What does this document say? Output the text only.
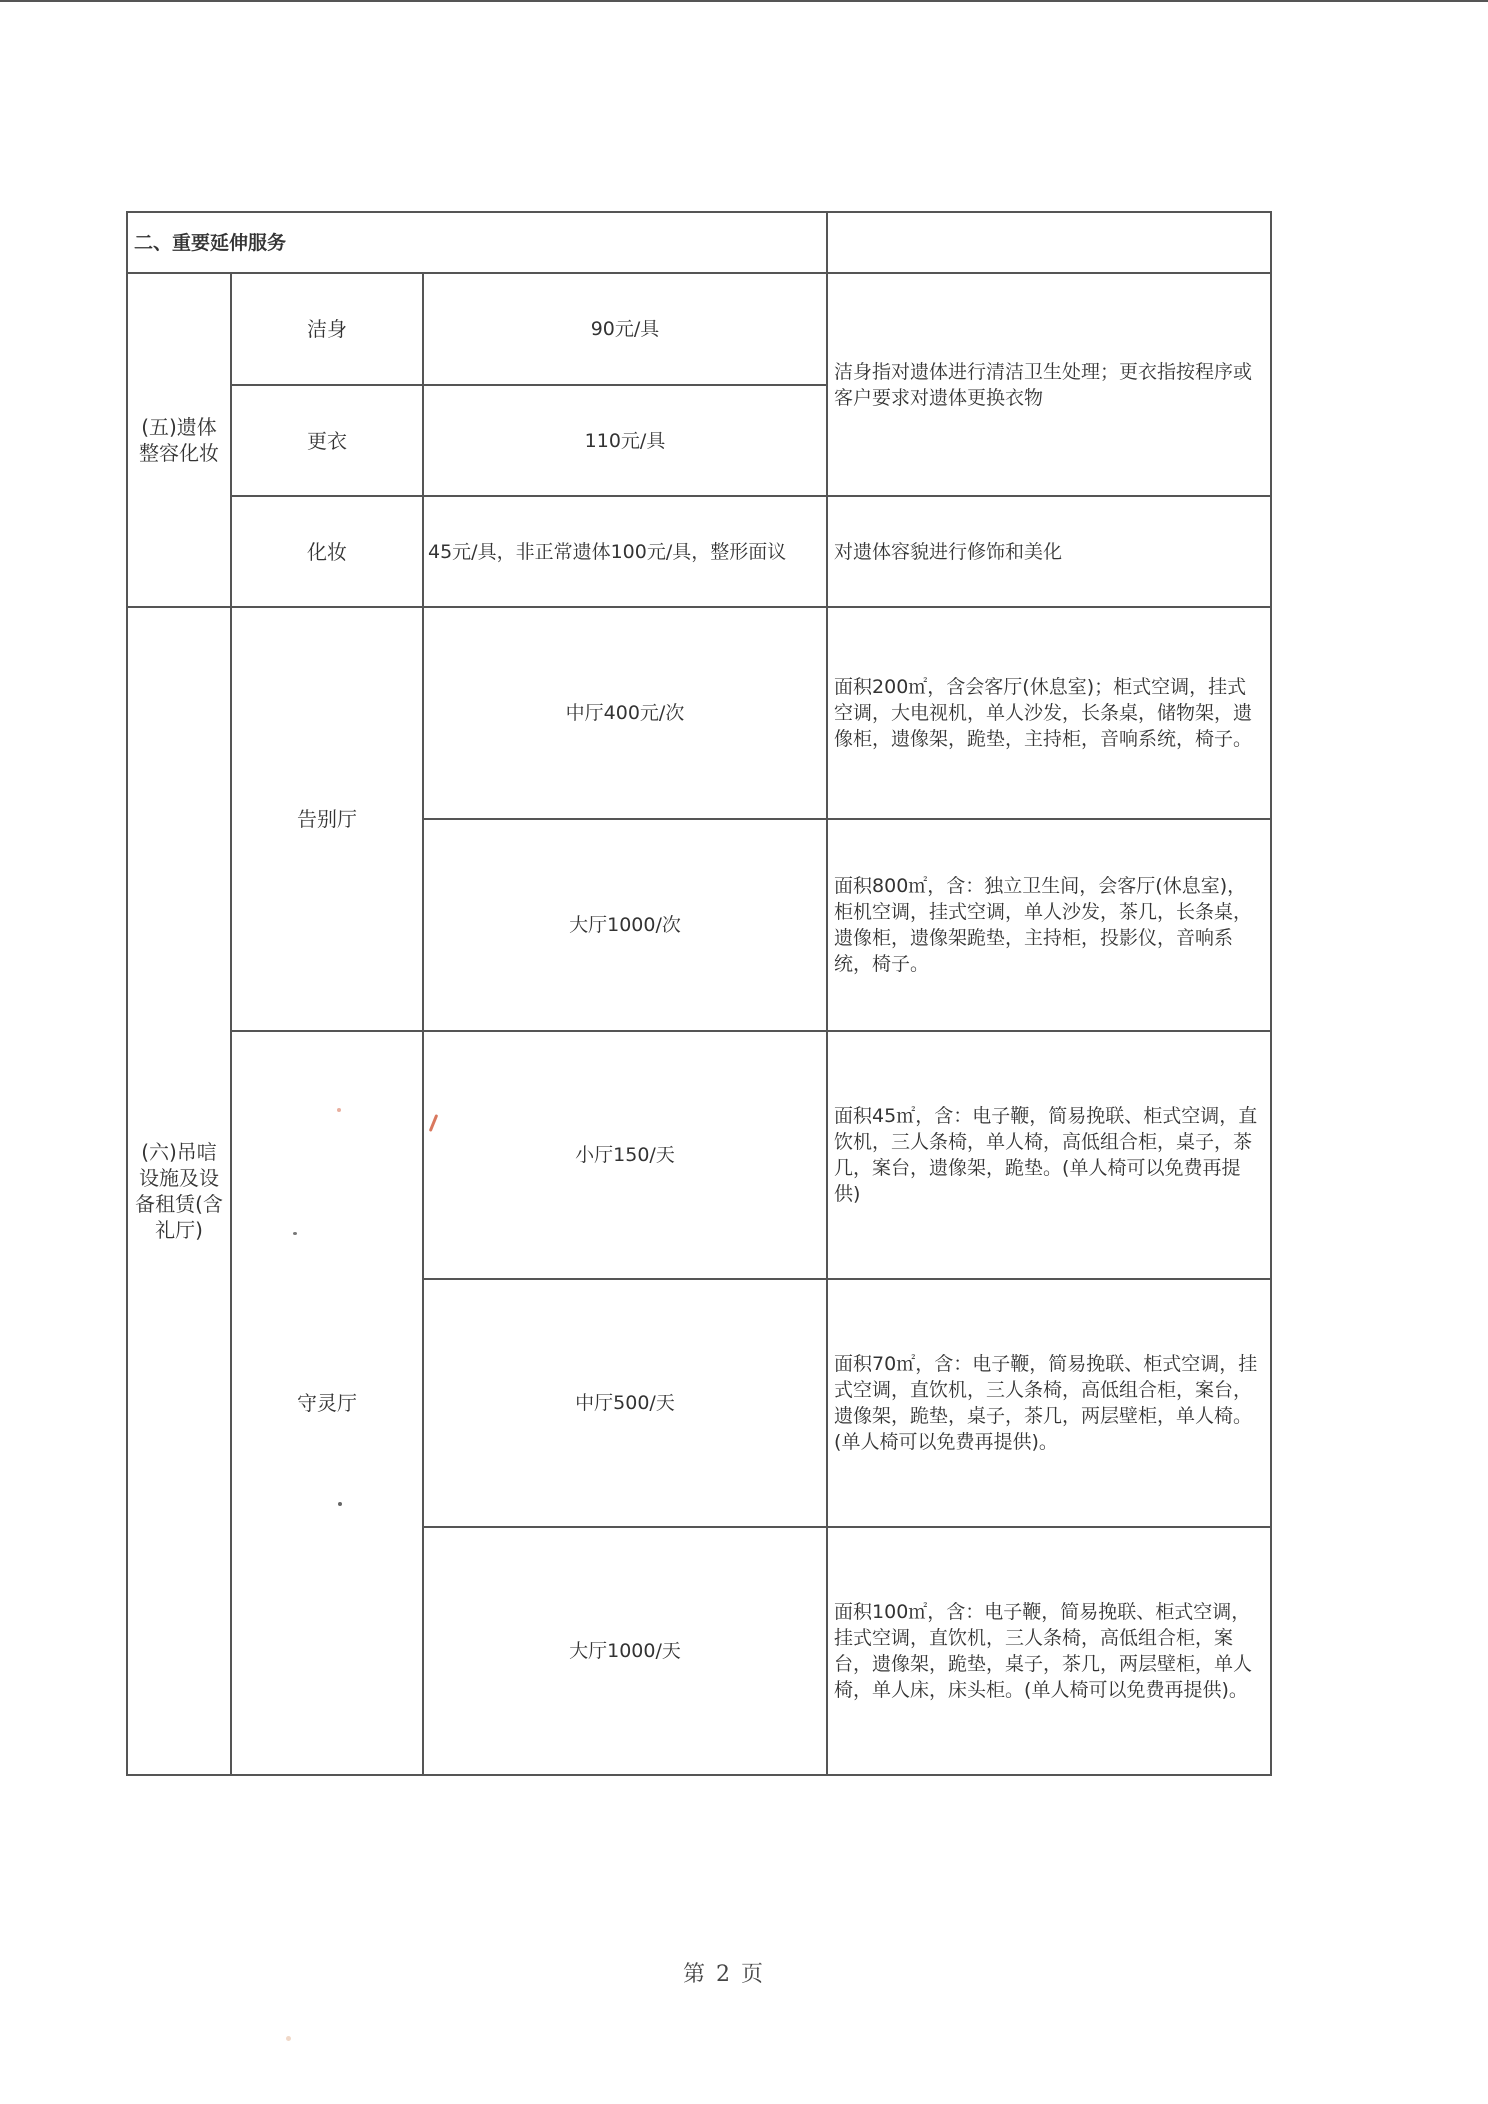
二、重要延伸服务			
(五)遗体整容化妆	洁身	90元/具	洁身指对遗体进行清洁卫生处理；更衣指按程序或客户要求对遗体更换衣物
	更衣	110元/具	
	化妆	45元/具，非正常遗体100元/具，整形面议	对遗体容貌进行修饰和美化
(六)吊唁设施及设备租赁(含礼厅)	告别厅	中厅400元/次	面积200㎡，含会客厅(休息室)；柜式空调，挂式空调，大电视机，单人沙发，长条桌，储物架，遗像柜，遗像架，跪垫，主持柜，音响系统，椅子。
		大厅1000/次	面积800㎡，含：独立卫生间，会客厅(休息室)，柜机空调，挂式空调，单人沙发，茶几，长条桌，遗像柜，遗像架跪垫，主持柜，投影仪，音响系统，椅子。
	守灵厅	小厅150/天	面积45㎡，含：电子鞭，简易挽联、柜式空调，直饮机，三人条椅，单人椅，高低组合柜，桌子，茶几，案台，遗像架，跪垫。(单人椅可以免费再提供)
		中厅500/天	面积70㎡，含：电子鞭，简易挽联、柜式空调，挂式空调，直饮机，三人条椅，高低组合柜，案台，遗像架，跪垫，桌子，茶几，两层壁柜，单人椅。(单人椅可以免费再提供)。
		大厅1000/天	面积100㎡，含：电子鞭，简易挽联、柜式空调，挂式空调，直饮机，三人条椅，高低组合柜，案台，遗像架，跪垫，桌子，茶几，两层壁柜，单人椅，单人床，床头柜。(单人椅可以免费再提供)。
第 2 页
